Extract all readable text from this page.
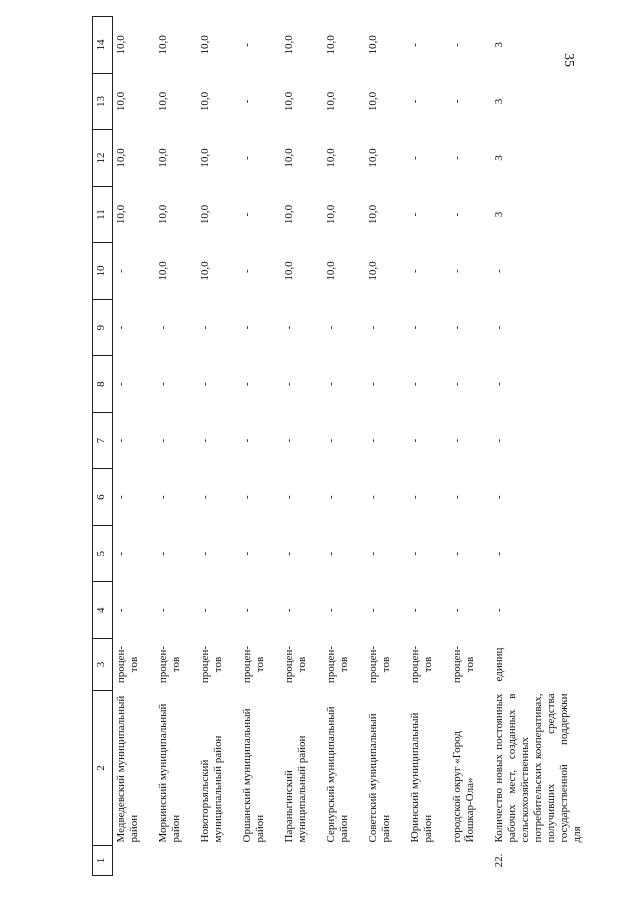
35
1	2	3	4	5	6	7	8	9	10	11	12	13	14
	Медведевский муниципальный район	процен-тов	-	-	-	-	-	-	-	10,0	10,0	10,0	10,0
	Моркинский муниципальный район	процен-тов	-	-	-	-	-	-	10,0	10,0	10,0	10,0	10,0
	Новоторъяльский муниципальный район	процен-тов	-	-	-	-	-	-	10,0	10,0	10,0	10,0	10,0
	Оршанский муниципальный район	процен-тов	-	-	-	-	-	-	-	-	-	-	-
	Параньгинский муниципальный район	процен-тов	-	-	-	-	-	-	10,0	10,0	10,0	10,0	10,0
	Сернурский муниципальный район	процен-тов	-	-	-	-	-	-	10,0	10,0	10,0	10,0	10,0
	Советский муниципальный район	процен-тов	-	-	-	-	-	-	10,0	10,0	10,0	10,0	10,0
	Юринский муниципальный район	процен-тов	-	-	-	-	-	-	-	-	-	-	-
	городской округ «Город Йошкар-Ола»	процен-тов	-	-	-	-	-	-	-	-	-	-	-
22.	Количество новых постоянных рабочих мест, созданных в сельскохозяйственных потребительских кооперативах, получивших средства государственной поддержки для	единиц	-	-	-	-	-	-	-	3	3	3	3
